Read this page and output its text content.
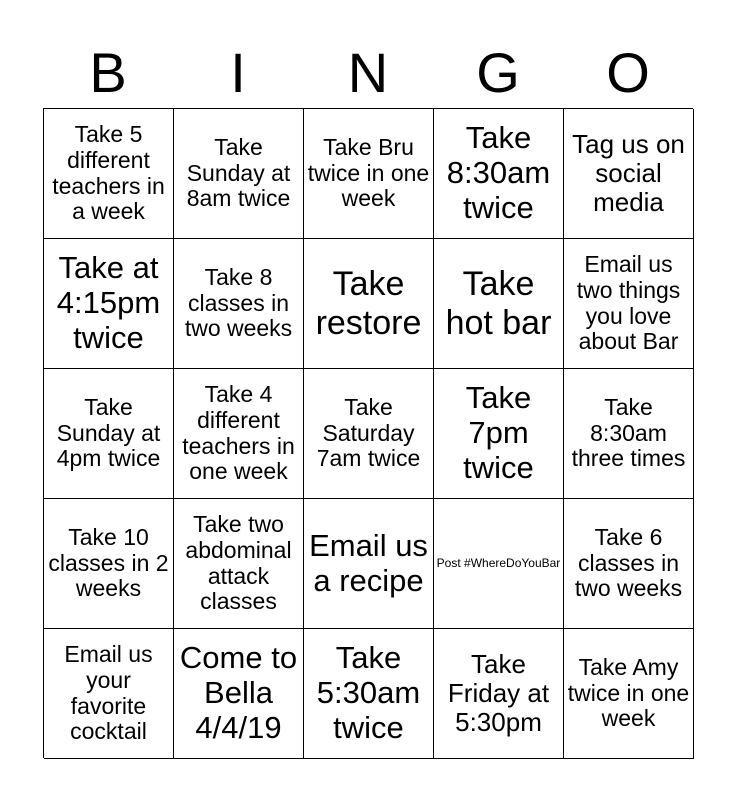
B	I	N	G	O
Take 5 different teachers in a week
Take Sunday at 8am twice
Take Bru twice in one week
Take 8:30am twice
Tag us on social media
Take at 4:15pm twice
Take 8 classes in two weeks
Take restore
Take hot bar
Email us two things you love about Bar
Take Sunday at 4pm twice
Take 4 different teachers in one week
Take Saturday 7am twice
Take 7pm twice
Take 8:30am three times
Take 10 classes in 2 weeks
Take two abdominal attack classes
Email us a recipe	Post #WhereDoYouBar
Take 6 classes in two weeks
Email us your favorite cocktail
Come to Bella 4/4/19
Take 5:30am twice
Take Friday at 5:30pm
Take Amy twice in one week
